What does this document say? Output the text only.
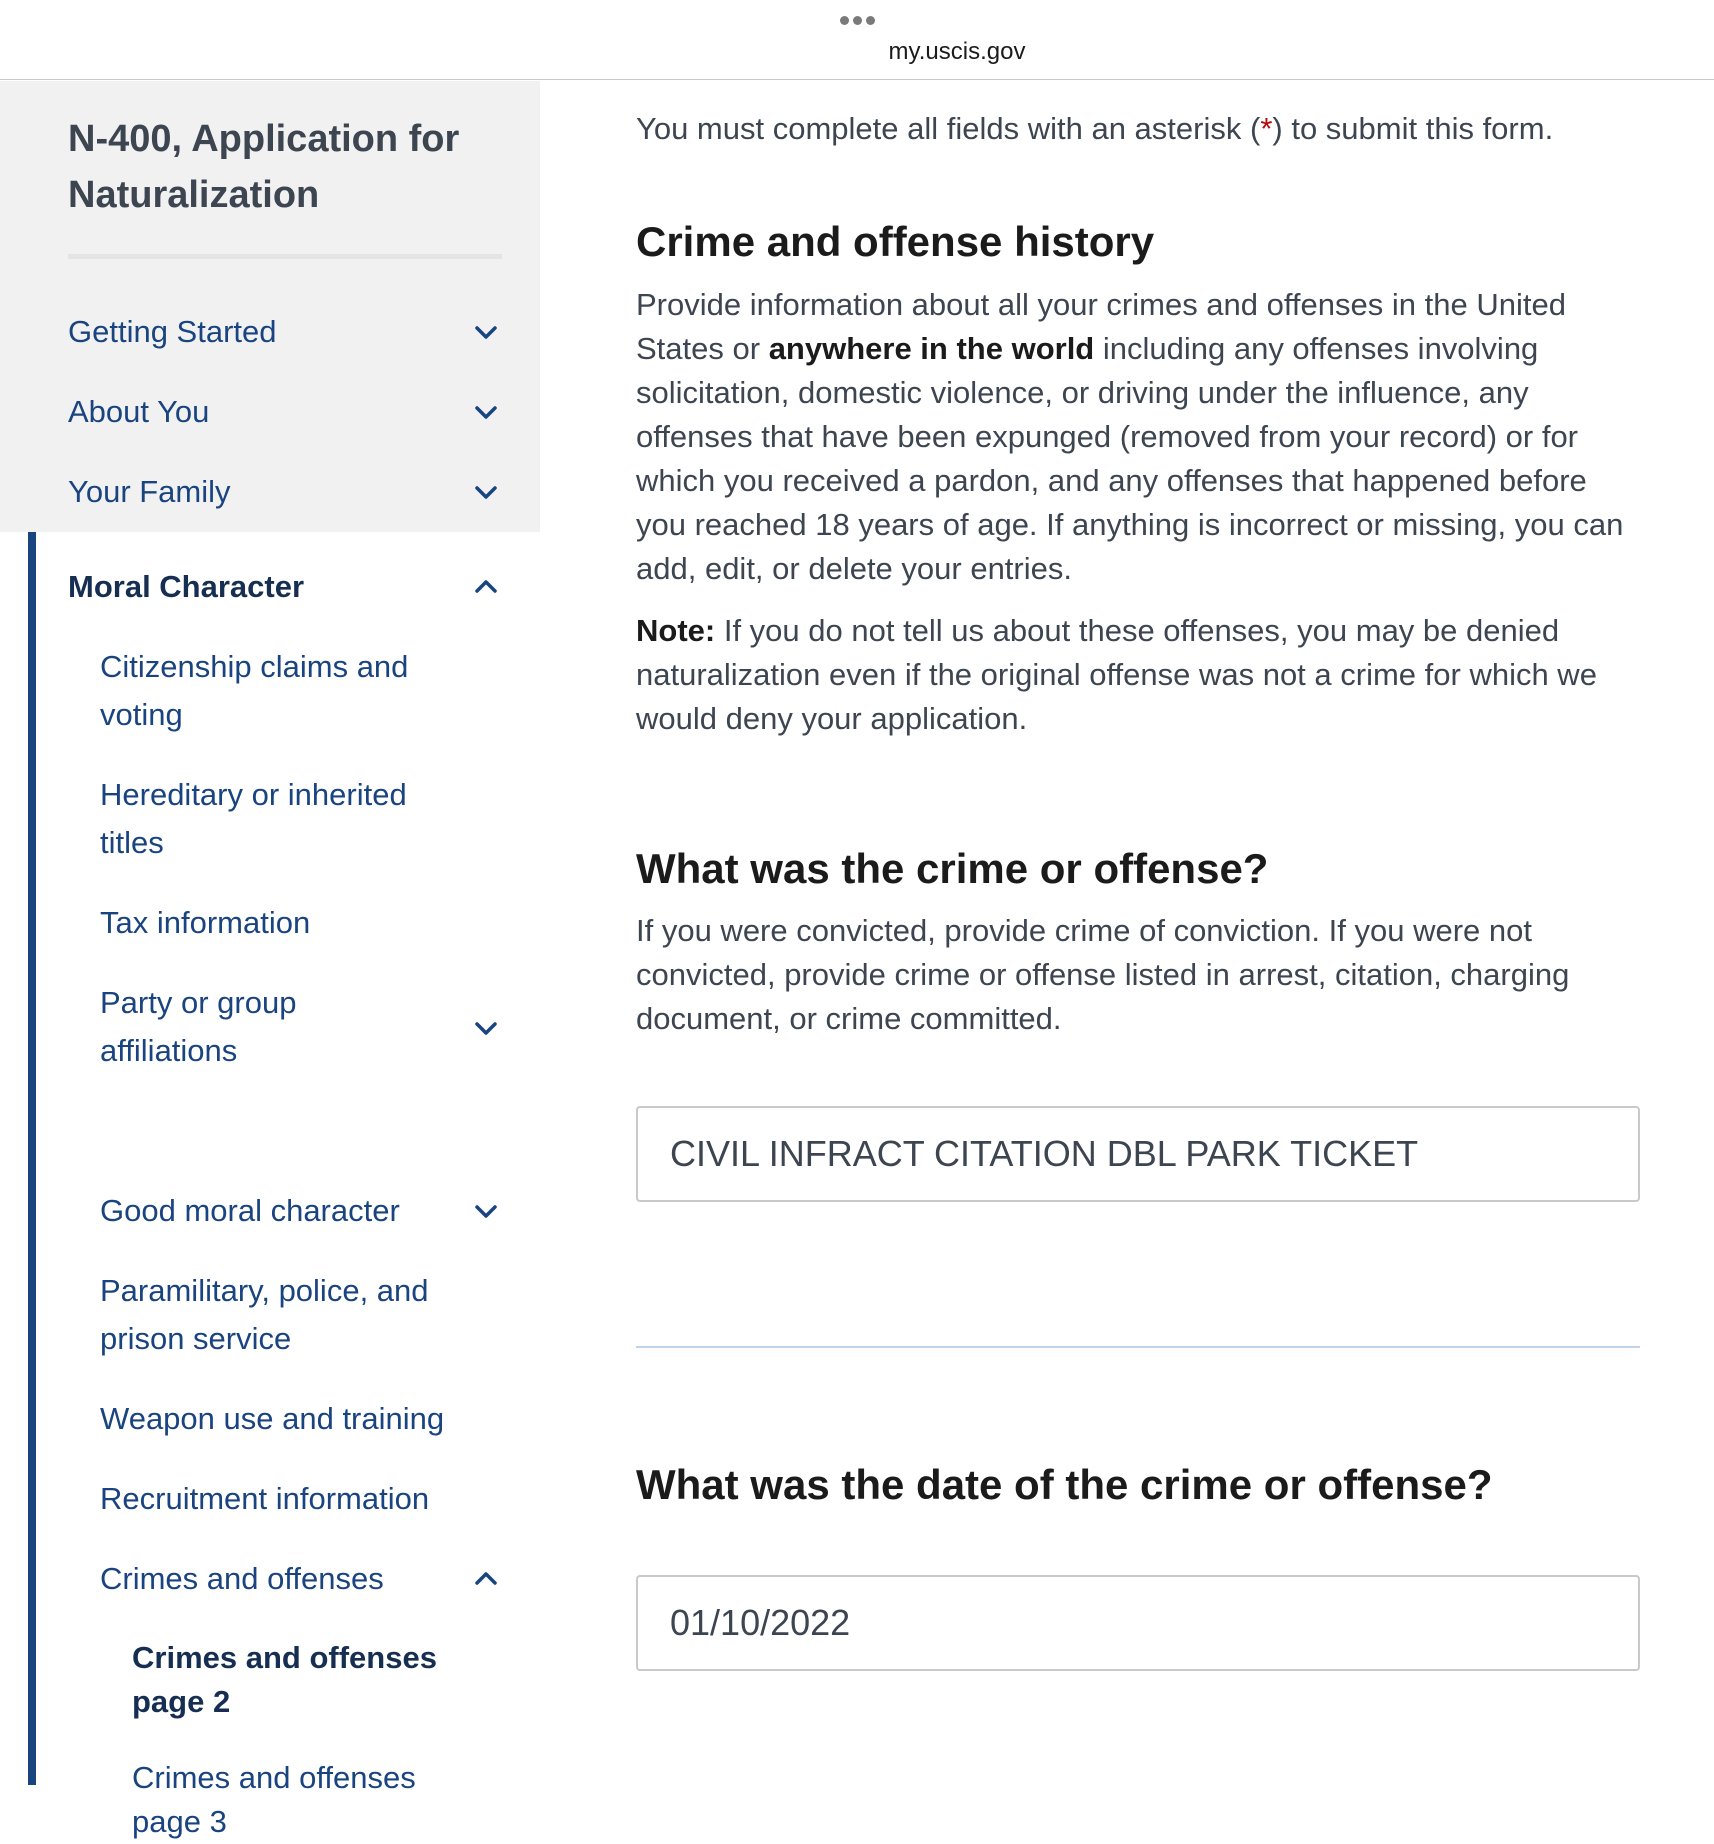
my.uscis.gov
N-400, Application for Naturalization
Getting Started
About You
Your Family
Moral Character
Citizenship claims and voting
Hereditary or inherited titles
Tax information
Party or group affiliations
Good moral character
Paramilitary, police, and prison service
Weapon use and training
Recruitment information
Crimes and offenses
Crimes and offenses page 2
Crimes and offenses page 3
You must complete all fields with an asterisk (*) to submit this form.
Crime and offense history

Provide information about all your crimes and offenses in the United States or anywhere in the world including any offenses involving solicitation, domestic violence, or driving under the influence, any offenses that have been expunged (removed from your record) or for which you received a pardon, and any offenses that happened before you reached 18 years of age. If anything is incorrect or missing, you can add, edit, or delete your entries.

Note: If you do not tell us about these offenses, you may be denied naturalization even if the original offense was not a crime for which we would deny your application.

What was the crime or offense?

If you were convicted, provide crime of conviction. If you were not convicted, provide crime or offense listed in arrest, citation, charging document, or crime committed.

CIVIL INFRACT CITATION DBL PARK TICKET
What was the date of the crime or offense?
01/10/2022
